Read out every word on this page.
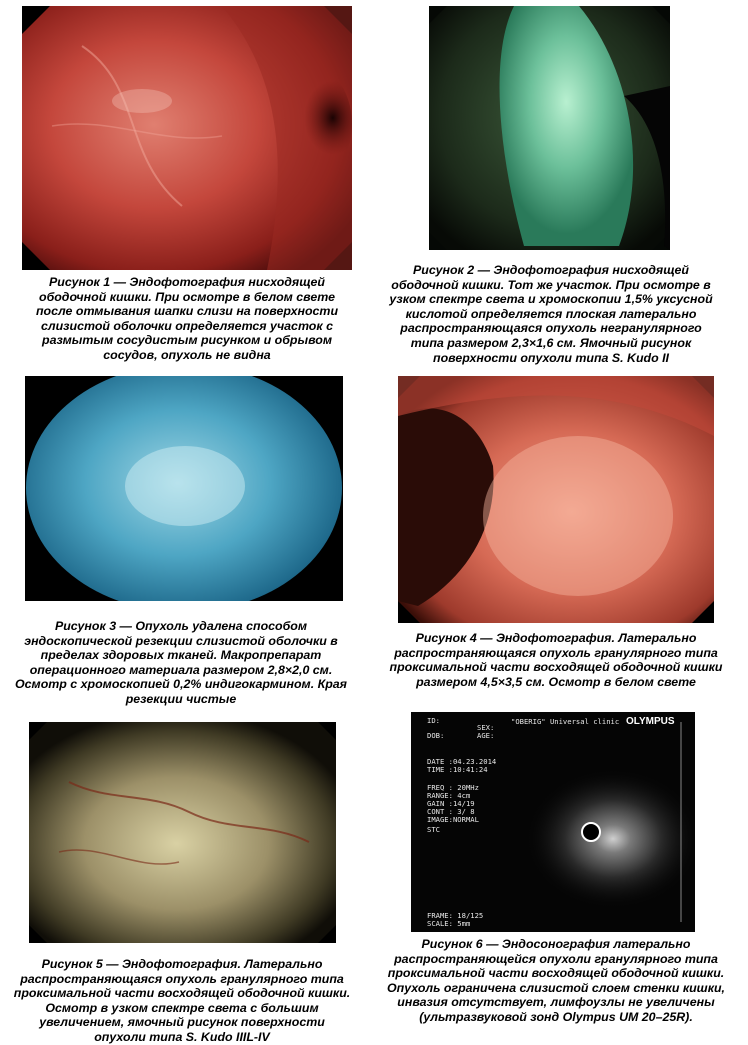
ID:
DOB:
SEX:
AGE:
"OBERIG" Universal clinic OLYMPUS
DATE :04.23.2014
TIME :10:41:24
FREQ : 20MHz
RANGE: 4cm
GAIN :14/19
CONT : 3/ 8
IMAGE:NORMAL
STC
FRAME: 18/125
SCALE: 5mm
Рисунок 1 — Эндофотография нисходящей ободочной кишки. При осмотре в белом свете после отмывания шапки слизи на поверхности слизистой оболочки определяется участок с размытым сосудистым рисунком и обрывом сосудов, опухоль не видна
Рисунок 2 — Эндофотография нисходящей ободочной кишки. Тот же участок. При осмотре в узком спектре света и хромоскопии 1,5% уксусной кислотой определяется плоская латерально распространяющаяся опухоль негранулярного типа размером 2,3×1,6 см. Ямочный рисунок поверхности опухоли типа S. Kudo II
Рисунок 3 — Опухоль удалена способом эндоскопической резекции слизистой оболочки в пределах здоровых тканей. Макропрепарат операционного материала размером 2,8×2,0 см. Осмотр с хромоскопией 0,2% индигокармином. Края резекции чистые
Рисунок 4 — Эндофотография. Латерально распространяющаяся опухоль гранулярного типа проксимальной части восходящей ободочной кишки размером 4,5×3,5 см. Осмотр в белом свете
Рисунок 5 — Эндофотография. Латерально распространяющаяся опухоль гранулярного типа проксимальной части восходящей ободочной кишки. Осмотр в узком спектре света с большим увеличением, ямочный рисунок поверхности опухоли типа S. Kudo IIIL-IV
Рисунок 6 — Эндосонография латерально распространяющейся опухоли гранулярного типа проксимальной части восходящей ободочной кишки. Опухоль ограничена слизистой слоем стенки кишки, инвазия отсутствует, лимфоузлы не увеличены (ультразвуковой зонд Olympus UM 20–25R).
